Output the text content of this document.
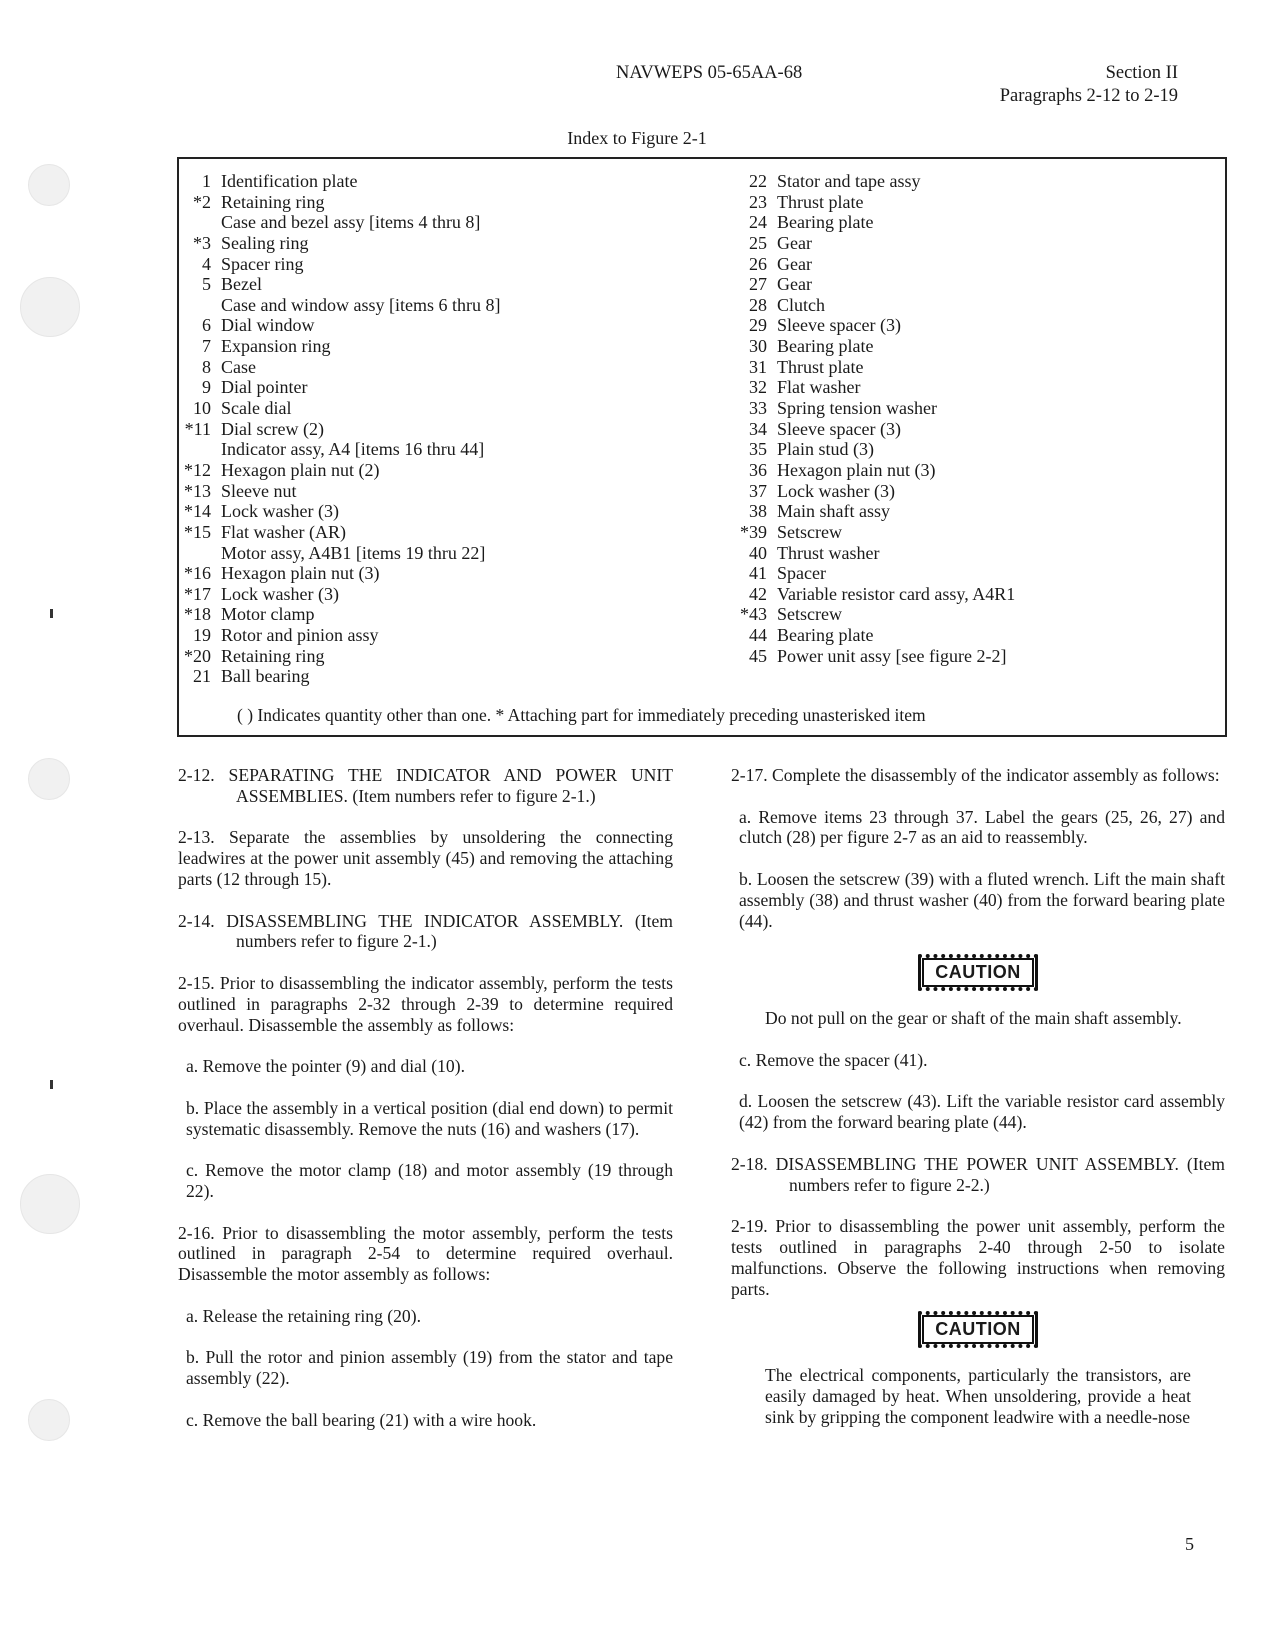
NAVWEPS 05-65AA-68	Section II
Paragraphs 2-12 to 2-19
Index to Figure 2-1
1 Identification plate
*2 Retaining ring
Case and bezel assy [items 4 thru 8]
*3 Sealing ring
4 Spacer ring
5 Bezel
Case and window assy [items 6 thru 8]
6 Dial window
7 Expansion ring
8 Case
9 Dial pointer
10 Scale dial
*11 Dial screw (2)
Indicator assy, A4 [items 16 thru 44]
*12 Hexagon plain nut (2)
*13 Sleeve nut
*14 Lock washer (3)
*15 Flat washer (AR)
Motor assy, A4B1 [items 19 thru 22]
*16 Hexagon plain nut (3)
*17 Lock washer (3)
*18 Motor clamp
19 Rotor and pinion assy
*20 Retaining ring
21 Ball bearing
22 Stator and tape assy
23 Thrust plate
24 Bearing plate
25 Gear
26 Gear
27 Gear
28 Clutch
29 Sleeve spacer (3)
30 Bearing plate
31 Thrust plate
32 Flat washer
33 Spring tension washer
34 Sleeve spacer (3)
35 Plain stud (3)
36 Hexagon plain nut (3)
37 Lock washer (3)
38 Main shaft assy
*39 Setscrew
40 Thrust washer
41 Spacer
42 Variable resistor card assy, A4R1
*43 Setscrew
44 Bearing plate
45 Power unit assy [see figure 2-2]
( ) Indicates quantity other than one. * Attaching part for immediately preceding unasterisked item

2-12. SEPARATING THE INDICATOR AND POWER UNIT ASSEMBLIES. (Item numbers refer to figure 2-1.)

2-13. Separate the assemblies by unsoldering the connecting leadwires at the power unit assembly (45) and removing the attaching parts (12 through 15).

2-14. DISASSEMBLING THE INDICATOR ASSEMBLY. (Item numbers refer to figure 2-1.)

2-15. Prior to disassembling the indicator assembly, perform the tests outlined in paragraphs 2-32 through 2-39 to determine required overhaul. Disassemble the assembly as follows:

a. Remove the pointer (9) and dial (10).

b. Place the assembly in a vertical position (dial end down) to permit systematic disassembly. Remove the nuts (16) and washers (17).

c. Remove the motor clamp (18) and motor assembly (19 through 22).

2-16. Prior to disassembling the motor assembly, perform the tests outlined in paragraph 2-54 to determine required overhaul. Disassemble the motor assembly as follows:

a. Release the retaining ring (20).

b. Pull the rotor and pinion assembly (19) from the stator and tape assembly (22).

c. Remove the ball bearing (21) with a wire hook.

2-17. Complete the disassembly of the indicator assembly as follows:

a. Remove items 23 through 37. Label the gears (25, 26, 27) and clutch (28) per figure 2-7 as an aid to reassembly.

b. Loosen the setscrew (39) with a fluted wrench. Lift the main shaft assembly (38) and thrust washer (40) from the forward bearing plate (44).

CAUTION

Do not pull on the gear or shaft of the main shaft assembly.

c. Remove the spacer (41).

d. Loosen the setscrew (43). Lift the variable resistor card assembly (42) from the forward bearing plate (44).

2-18. DISASSEMBLING THE POWER UNIT ASSEMBLY. (Item numbers refer to figure 2-2.)

2-19. Prior to disassembling the power unit assembly, perform the tests outlined in paragraphs 2-40 through 2-50 to isolate malfunctions. Observe the following instructions when removing parts.

CAUTION

The electrical components, particularly the transistors, are easily damaged by heat. When unsoldering, provide a heat sink by gripping the component leadwire with a needle-nose

5
